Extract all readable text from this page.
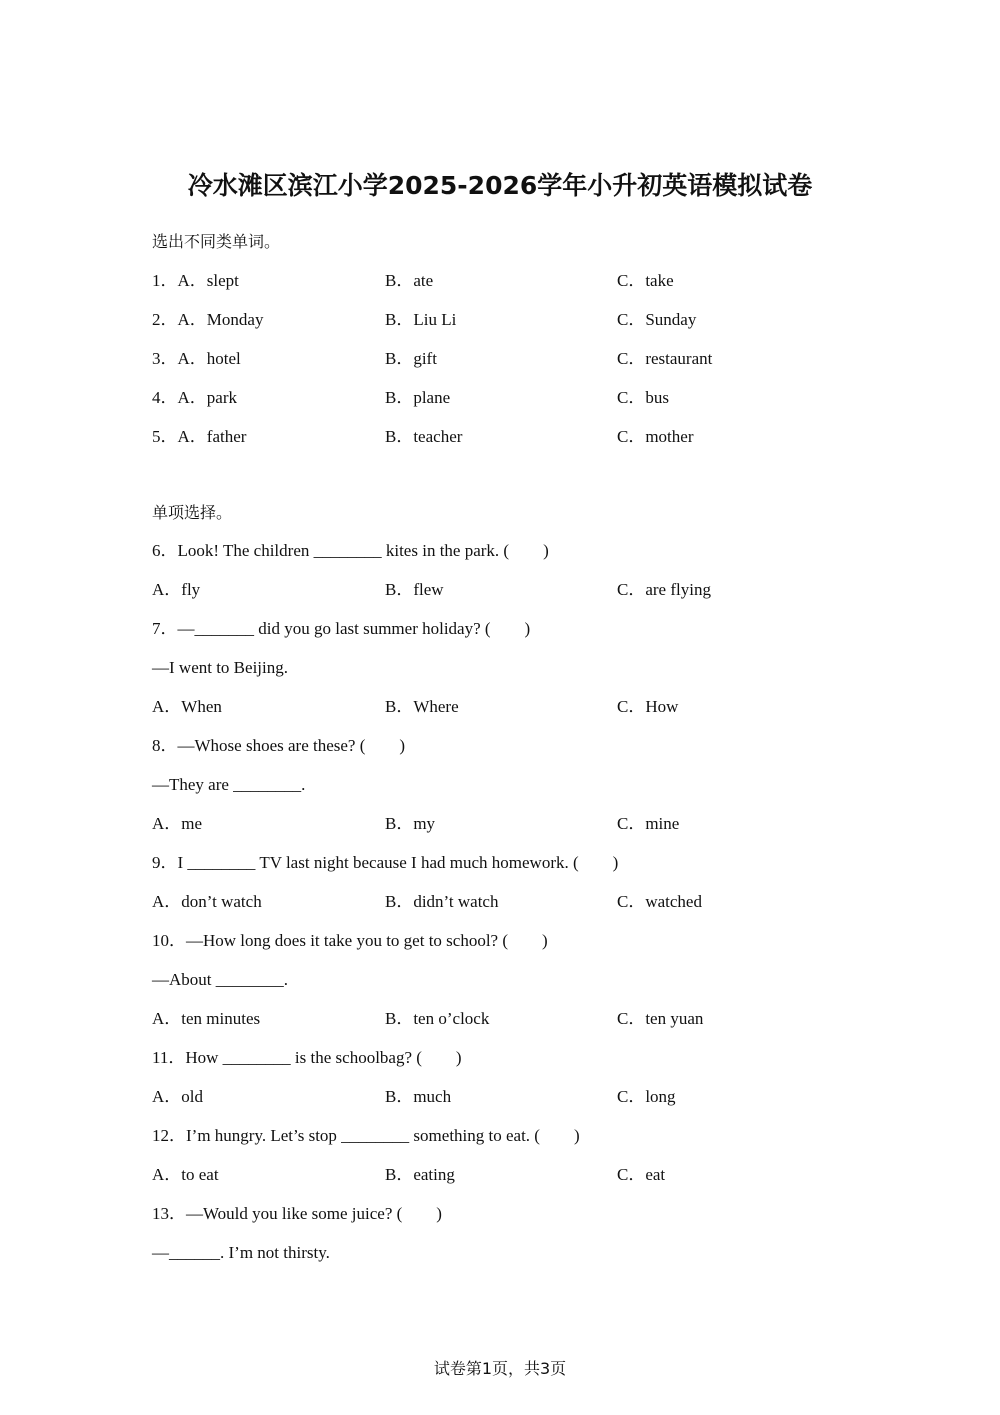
冷水滩区滨江小学2025-2026学年小升初英语模拟试卷
选出不同类单词。
1．A．slept	B．ate	C．take
2．A．Monday	B．Liu Li	C．Sunday
3．A．hotel	B．gift	C．restaurant
4．A．park	B．plane	C．bus
5．A．father	B．teacher	C．mother
单项选择。
6．Look! The children ________ kites in the park. (　　)
A．fly	B．flew	C．are flying
7．—_______ did you go last summer holiday? (　　)
—I went to Beijing.
A．When	B．Where	C．How
8．—Whose shoes are these? (　　)
—They are ________.
A．me	B．my	C．mine
9．I ________ TV last night because I had much homework. (　　)
A．don’t watch	B．didn’t watch	C．watched
10．—How long does it take you to get to school? (　　)
—About ________.
A．ten minutes	B．ten o’clock	C．ten yuan
11．How ________ is the schoolbag? (　　)
A．old	B．much	C．long
12．I’m hungry. Let’s stop ________ something to eat. (　　)
A．to eat	B．eating	C．eat
13．—Would you like some juice? (　　)
—______. I’m not thirsty.
试卷第1页，共3页
